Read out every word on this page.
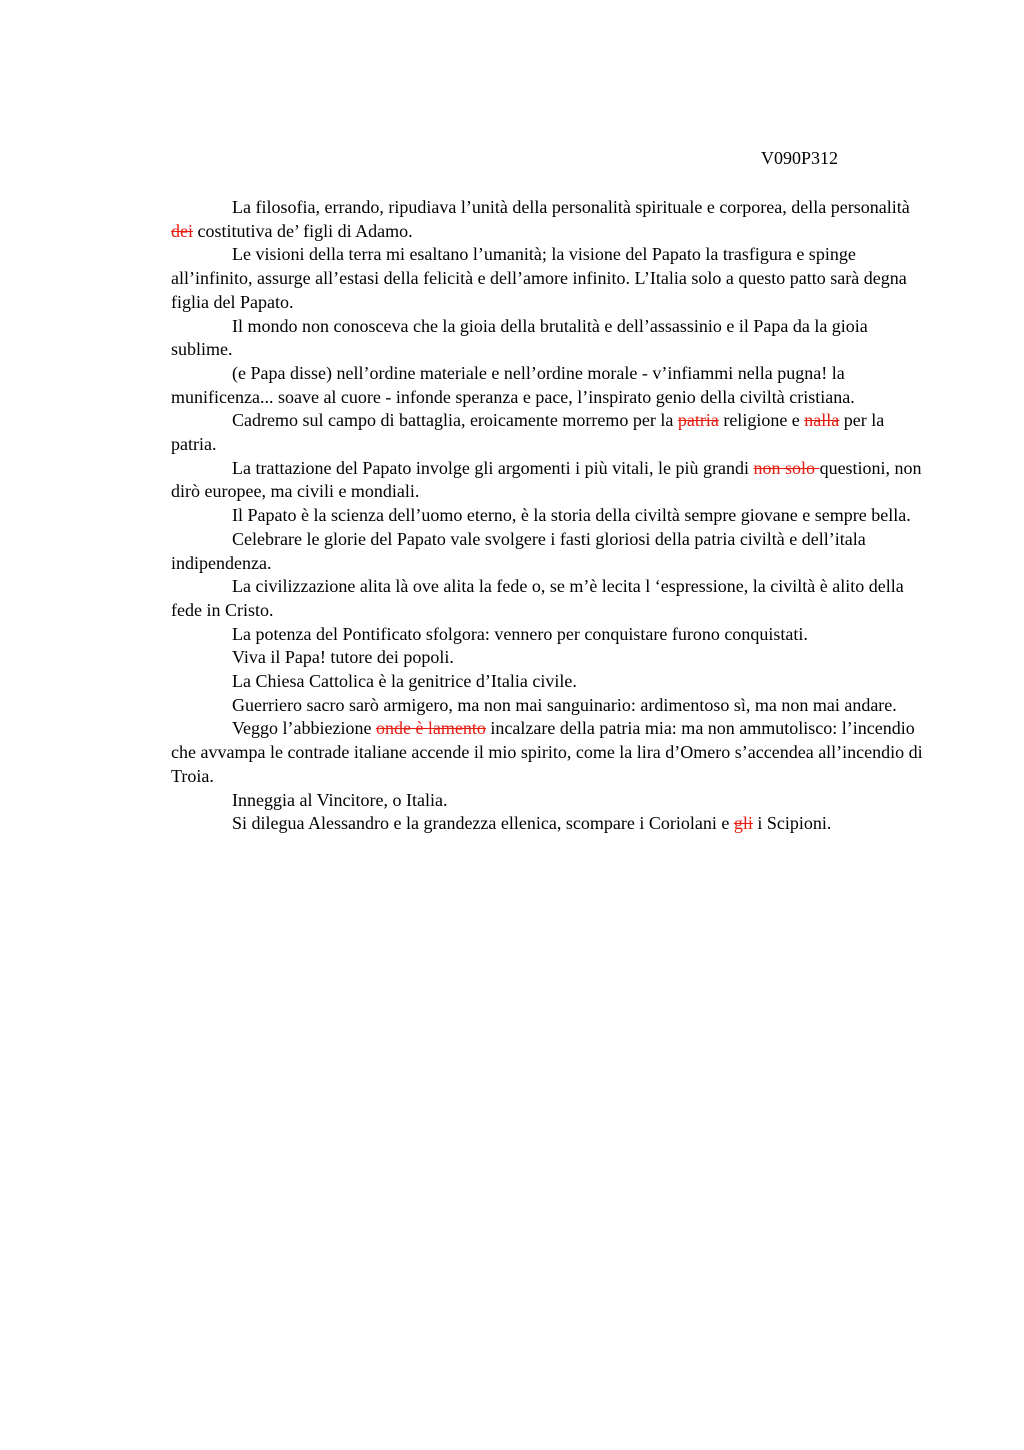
V090P312

La filosofia, errando, ripudiava l’unità della personalità spirituale e corporea, della personalità dei costitutiva de’ figli di Adamo.

Le visioni della terra mi esaltano l’umanità; la visione del Papato la trasfigura e spinge all’infinito, assurge all’estasi della felicità e dell’amore infinito. L’Italia solo a questo patto sarà degna figlia del Papato.

Il mondo non conosceva che la gioia della brutalità e dell’assassinio e il Papa da la gioia sublime.

(e Papa disse) nell’ordine materiale e nell’ordine morale - v’infiammi nella pugna! la munificenza... soave al cuore - infonde speranza e pace, l’inspirato genio della civiltà cristiana.

Cadremo sul campo di battaglia, eroicamente morremo per la patria religione e nalla per la patria.

La trattazione del Papato involge gli argomenti i più vitali, le più grandi non solo questioni, non dirò europee, ma civili e mondiali.

Il Papato è la scienza dell’uomo eterno, è la storia della civiltà sempre giovane e sempre bella.

Celebrare le glorie del Papato vale svolgere i fasti gloriosi della patria civiltà e dell’itala indipendenza.

La civilizzazione alita là ove alita la fede o, se m’è lecita l ‘espressione, la civiltà è alito della fede in Cristo.

La potenza del Pontificato sfolgora: vennero per conquistare furono conquistati.

Viva il Papa! tutore dei popoli.

La Chiesa Cattolica è la genitrice d’Italia civile.

Guerriero sacro sarò armigero, ma non mai sanguinario: ardimentoso sì, ma non mai andare.

Veggo l’abbiezione onde è lamento incalzare della patria mia: ma non ammutolisco: l’incendio che avvampa le contrade italiane accende il mio spirito, come la lira d’Omero s’accendea all’incendio di Troia.

Inneggia al Vincitore, o Italia.

Si dilegua Alessandro e la grandezza ellenica, scompare i Coriolani e gli i Scipioni.
